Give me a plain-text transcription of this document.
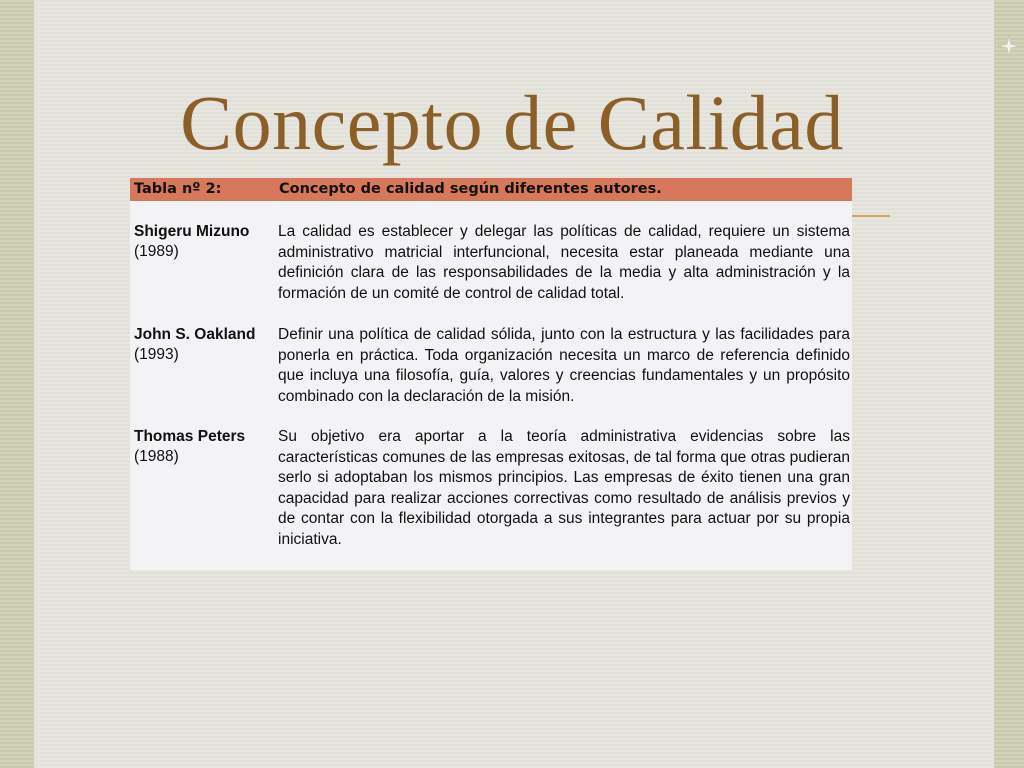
Concepto de Calidad
Tabla nº 2:	Concepto de calidad según diferentes autores.
Shigeru Mizuno
(1989)

La calidad es establecer y delegar las políticas de calidad, requiere un sistema administrativo matricial interfuncional, necesita estar planeada mediante una definición clara de las responsabilidades de la media y alta administración y la formación de un comité de control de calidad total.

John S. Oakland
(1993)

Definir una política de calidad sólida, junto con la estructura y las facilidades para ponerla en práctica. Toda organización necesita un marco de referencia definido que incluya una filosofía, guía, valores y creencias fundamentales y un propósito combinado con la declaración de la misión.

Thomas Peters
(1988)

Su objetivo era aportar a la teoría administrativa evidencias sobre las características comunes de las empresas exitosas, de tal forma que otras pudieran serlo si adoptaban los mismos principios. Las empresas de éxito tienen una gran capacidad para realizar acciones correctivas como resultado de análisis previos y de contar con la flexibilidad otorgada a sus integrantes para actuar por su propia iniciativa.
